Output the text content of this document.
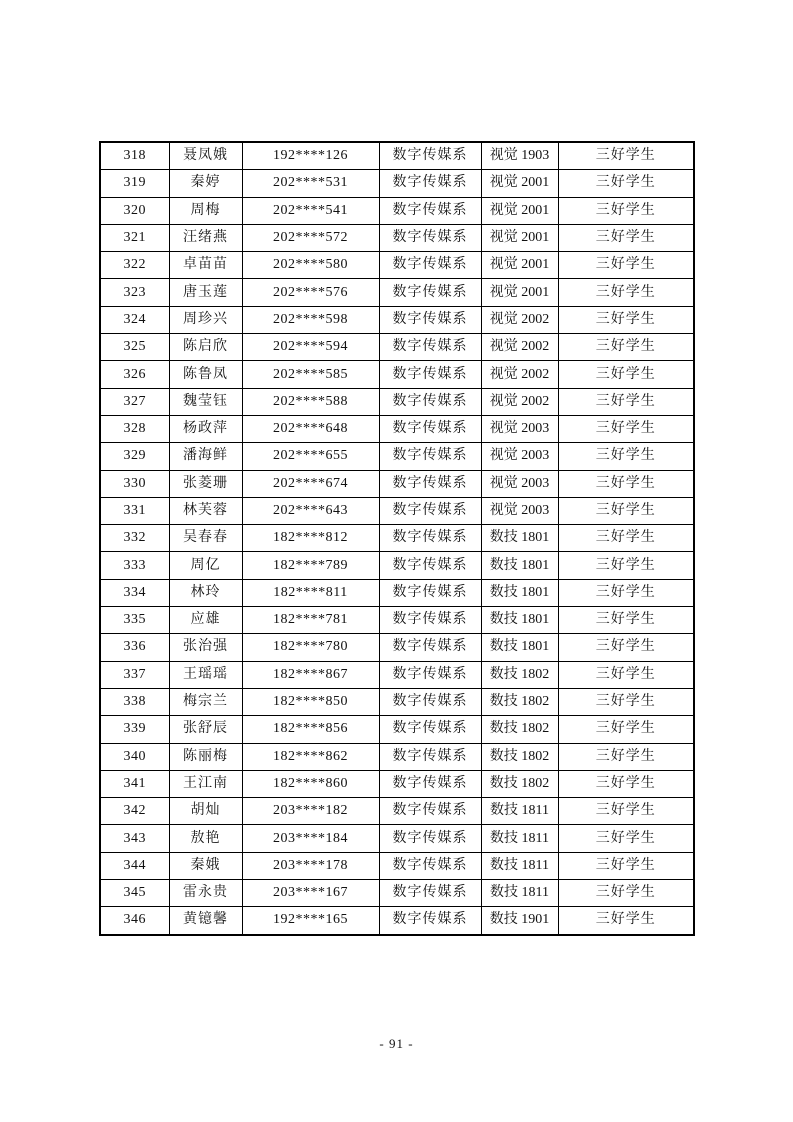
318	聂凤娥	192****126	数字传媒系	视觉 1903	三好学生
319	秦婷	202****531	数字传媒系	视觉 2001	三好学生
320	周梅	202****541	数字传媒系	视觉 2001	三好学生
321	汪绪燕	202****572	数字传媒系	视觉 2001	三好学生
322	卓苗苗	202****580	数字传媒系	视觉 2001	三好学生
323	唐玉莲	202****576	数字传媒系	视觉 2001	三好学生
324	周珍兴	202****598	数字传媒系	视觉 2002	三好学生
325	陈启欣	202****594	数字传媒系	视觉 2002	三好学生
326	陈鲁凤	202****585	数字传媒系	视觉 2002	三好学生
327	魏莹钰	202****588	数字传媒系	视觉 2002	三好学生
328	杨政萍	202****648	数字传媒系	视觉 2003	三好学生
329	潘海鲜	202****655	数字传媒系	视觉 2003	三好学生
330	张菱珊	202****674	数字传媒系	视觉 2003	三好学生
331	林芙蓉	202****643	数字传媒系	视觉 2003	三好学生
332	吴春春	182****812	数字传媒系	数技 1801	三好学生
333	周亿	182****789	数字传媒系	数技 1801	三好学生
334	林玲	182****811	数字传媒系	数技 1801	三好学生
335	应雄	182****781	数字传媒系	数技 1801	三好学生
336	张治强	182****780	数字传媒系	数技 1801	三好学生
337	王瑶瑶	182****867	数字传媒系	数技 1802	三好学生
338	梅宗兰	182****850	数字传媒系	数技 1802	三好学生
339	张舒辰	182****856	数字传媒系	数技 1802	三好学生
340	陈丽梅	182****862	数字传媒系	数技 1802	三好学生
341	王江南	182****860	数字传媒系	数技 1802	三好学生
342	胡灿	203****182	数字传媒系	数技 1811	三好学生
343	敖艳	203****184	数字传媒系	数技 1811	三好学生
344	秦娥	203****178	数字传媒系	数技 1811	三好学生
345	雷永贵	203****167	数字传媒系	数技 1811	三好学生
346	黄镱馨	192****165	数字传媒系	数技 1901	三好学生
- 91 -
